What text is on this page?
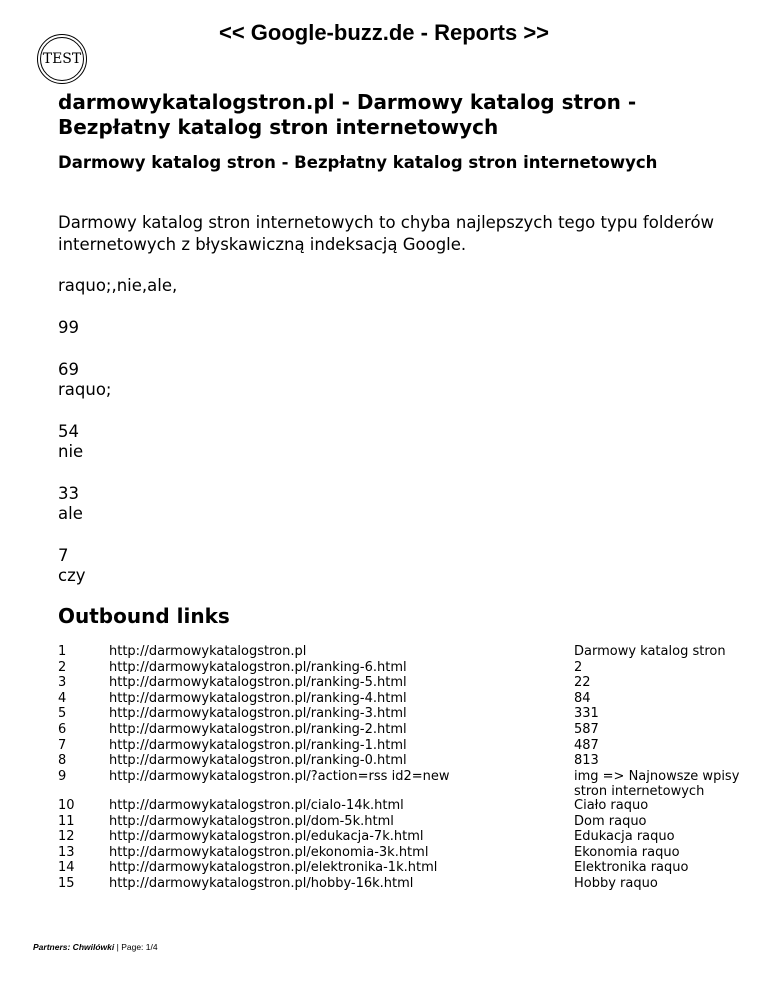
TEST
<< Google-buzz.de - Reports >>
darmowykatalogstron.pl - Darmowy katalog stron - Bezpłatny katalog stron internetowych
Darmowy katalog stron - Bezpłatny katalog stron internetowych
Darmowy katalog stron internetowych to chyba najlepszych tego typu folderów internetowych z błyskawiczną indeksacją Google.
raquo;,nie,ale,
99
69
raquo;
54
nie
33
ale
7
czy
Outbound links
1	http://darmowykatalogstron.pl	Darmowy katalog stron
2	http://darmowykatalogstron.pl/ranking-6.html	2
3	http://darmowykatalogstron.pl/ranking-5.html	22
4	http://darmowykatalogstron.pl/ranking-4.html	84
5	http://darmowykatalogstron.pl/ranking-3.html	331
6	http://darmowykatalogstron.pl/ranking-2.html	587
7	http://darmowykatalogstron.pl/ranking-1.html	487
8	http://darmowykatalogstron.pl/ranking-0.html	813
9	http://darmowykatalogstron.pl/?action=rss id2=new	img => Najnowsze wpisy stron internetowych
10	http://darmowykatalogstron.pl/cialo-14k.html	Ciało raquo
11	http://darmowykatalogstron.pl/dom-5k.html	Dom raquo
12	http://darmowykatalogstron.pl/edukacja-7k.html	Edukacja raquo
13	http://darmowykatalogstron.pl/ekonomia-3k.html	Ekonomia raquo
14	http://darmowykatalogstron.pl/elektronika-1k.html	Elektronika raquo
15	http://darmowykatalogstron.pl/hobby-16k.html	Hobby raquo
Partners: Chwilówki | Page: 1/4
